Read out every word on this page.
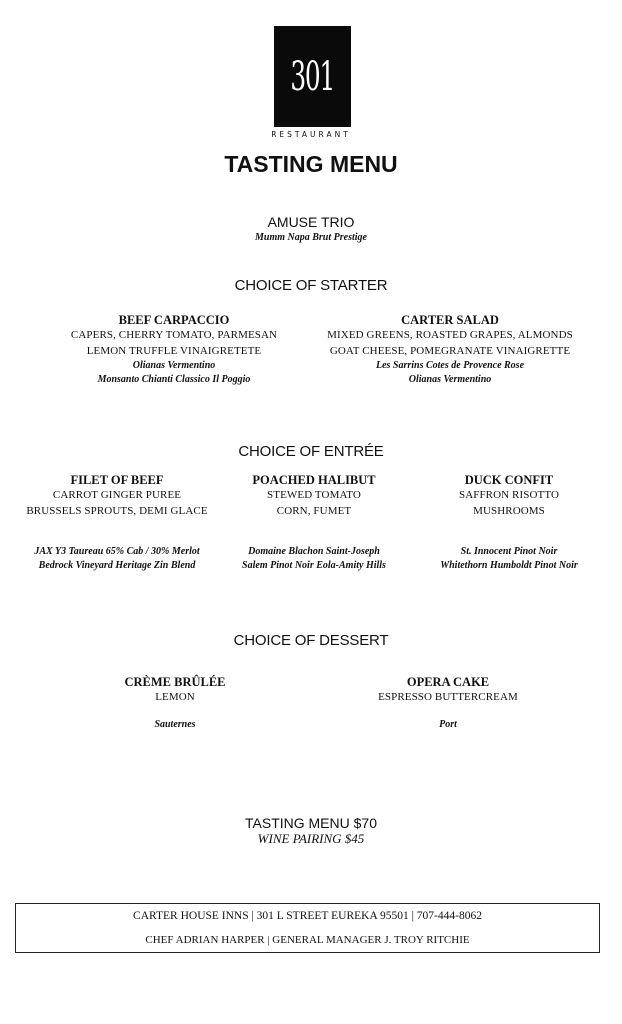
301
RESTAURANT
TASTING MENU
AMUSE TRIO
Mumm Napa Brut Prestige
CHOICE OF STARTER
BEEF CARPACCIO
CAPERS, CHERRY TOMATO, PARMESAN
LEMON TRUFFLE VINAIGRETETE
Olianas Vermentino
Monsanto Chianti Classico Il Poggio
CARTER SALAD
MIXED GREENS, ROASTED GRAPES, ALMONDS
GOAT CHEESE, POMEGRANATE VINAIGRETTE
Les Sarrins Cotes de Provence Rose
Olianas Vermentino
CHOICE OF ENTRÉE
FILET OF BEEF
CARROT GINGER PUREE
BRUSSELS SPROUTS, DEMI GLACE
JAX Y3 Taureau 65% Cab / 30% Merlot
Bedrock Vineyard Heritage Zin Blend
POACHED HALIBUT
STEWED TOMATO
CORN, FUMET
Domaine Blachon Saint-Joseph
Salem Pinot Noir Eola-Amity Hills
DUCK CONFIT
SAFFRON RISOTTO
MUSHROOMS
St. Innocent Pinot Noir
Whitethorn Humboldt Pinot Noir
CHOICE OF DESSERT
CRÈME BRÛLÉE
LEMON
Sauternes
OPERA CAKE
ESPRESSO BUTTERCREAM
Port
TASTING MENU $70
WINE PAIRING $45
CARTER HOUSE INNS | 301 L STREET EUREKA 95501 | 707-444-8062
CHEF ADRIAN HARPER | GENERAL MANAGER J. TROY RITCHIE
